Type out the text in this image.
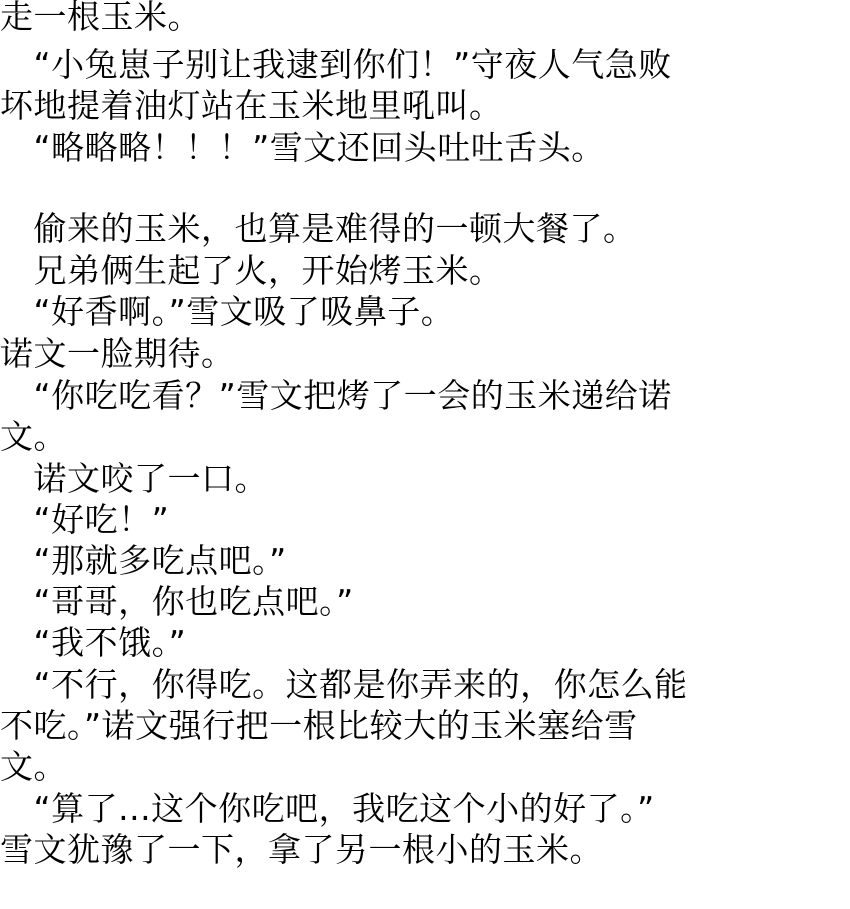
走一根玉米。
　“小兔崽子别让我逮到你们！”守夜人气急败
坏地提着油灯站在玉米地里吼叫。
　“略略略！！！”雪文还回头吐吐舌头。
　偷来的玉米，也算是难得的一顿大餐了。
　兄弟俩生起了火，开始烤玉米。
　“好香啊。”雪文吸了吸鼻子。
诺文一脸期待。
　“你吃吃看？”雪文把烤了一会的玉米递给诺
文。
　诺文咬了一口。
　“好吃！”
　“那就多吃点吧。”
　“哥哥，你也吃点吧。”
　“我不饿。”
　“不行，你得吃。这都是你弄来的，你怎么能
不吃。”诺文强行把一根比较大的玉米塞给雪
文。
　“算了...这个你吃吧，我吃这个小的好了。”
雪文犹豫了一下，拿了另一根小的玉米。
